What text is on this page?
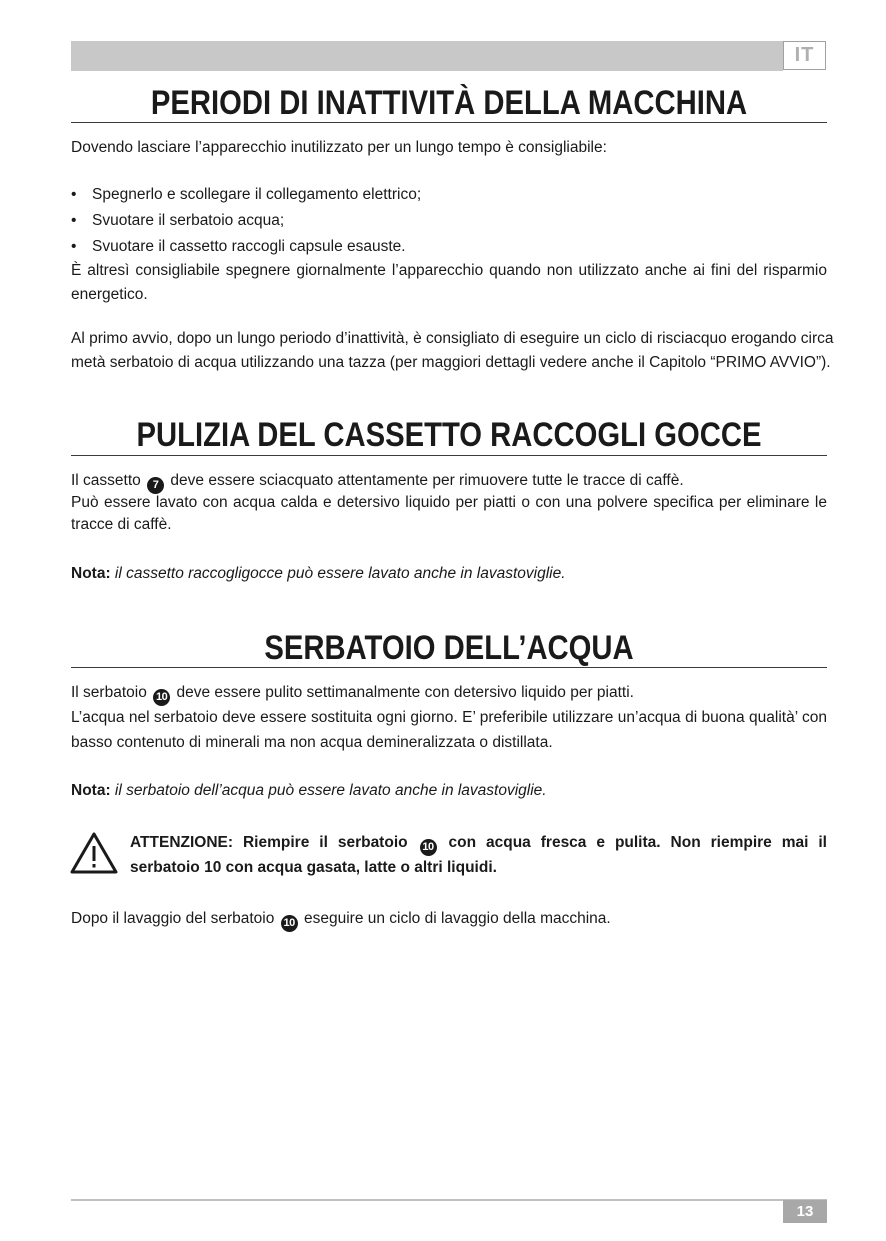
IT
PERIODI DI INATTIVITÀ DELLA MACCHINA
Dovendo lasciare l’apparecchio inutilizzato per un lungo tempo è consigliabile:
• Spegnerlo e scollegare il collegamento elettrico;
• Svuotare il serbatoio acqua;
• Svuotare il cassetto raccogli capsule esauste.
È altresì consigliabile spegnere giornalmente l’apparecchio quando non utilizzato anche ai fini del risparmio
energetico.
Al primo avvio, dopo un lungo periodo d’inattività, è consigliato di eseguire un ciclo di risciacquo erogando circa
metà serbatoio di acqua utilizzando una tazza (per maggiori dettagli vedere anche il Capitolo “PRIMO AVVIO”).
PULIZIA DEL CASSETTO RACCOGLI GOCCE
Il cassetto 7 deve essere sciacquato attentamente per rimuovere tutte le tracce di caffè.
Può essere lavato con acqua calda e detersivo liquido per piatti o con una polvere specifica per eliminare le
tracce di caffè.
Nota: il cassetto raccogligocce può essere lavato anche in lavastoviglie.
SERBATOIO DELL’ACQUA
Il serbatoio 10 deve essere pulito settimanalmente con detersivo liquido per piatti.
L’acqua nel serbatoio deve essere sostituita ogni giorno. E’ preferibile utilizzare un’acqua di buona qualità’ con
basso contenuto di minerali ma non acqua demineralizzata o distillata.
Nota: il serbatoio dell’acqua può essere lavato anche in lavastoviglie.
ATTENZIONE: Riempire il serbatoio 10 con acqua fresca e pulita. Non riempire mai il serbatoio 10 con acqua gasata, latte o altri liquidi.
Dopo il lavaggio del serbatoio 10 eseguire un ciclo di lavaggio della macchina.
13
